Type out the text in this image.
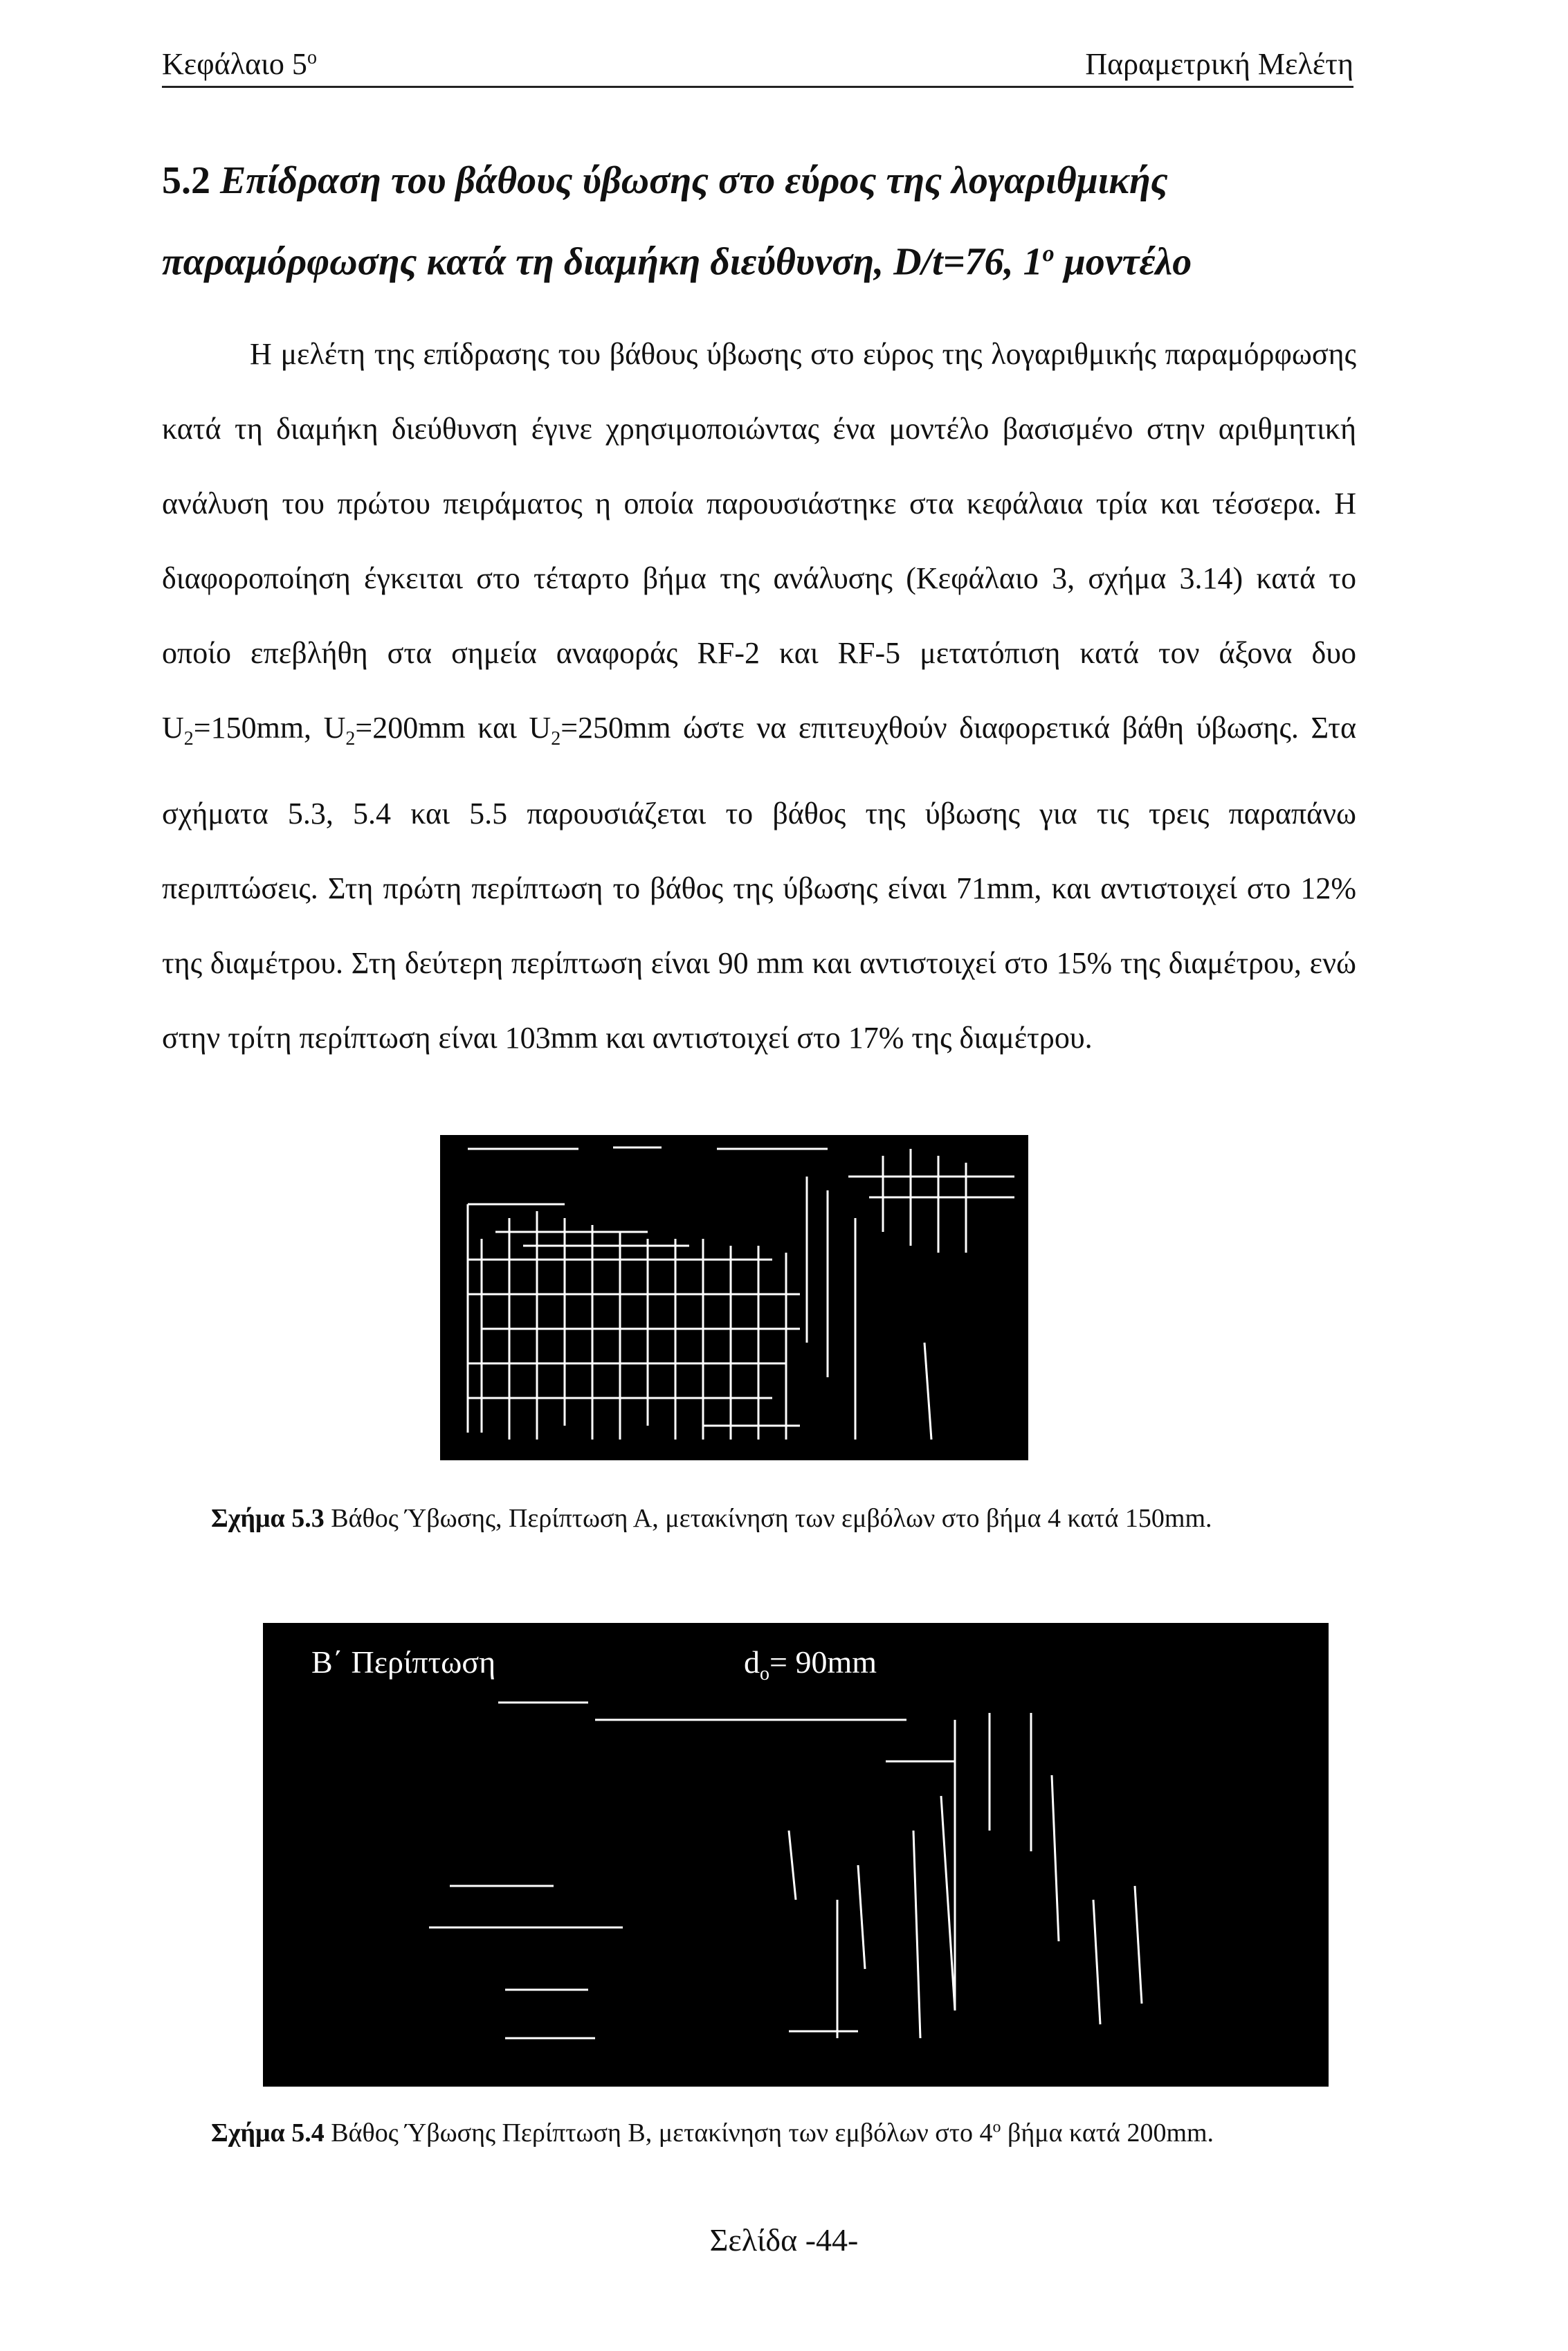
Κεφάλαιο $5^o$	Παραμετρική Μελέτη
5.2 Επίδραση του βάθους ύβωσης στο εύρος της λογαριθμικής
παραμόρφωσης κατά τη διαμήκη διεύθυνση, D/t=76, $1^o$ μοντέλο
Η μελέτη της επίδρασης του βάθους ύβωσης στο εύρος της λογαριθμικής παραμόρφωσης κατά τη διαμήκη διεύθυνση έγινε χρησιμοποιώντας ένα μοντέλο βασισμένο στην αριθμητική ανάλυση του πρώτου πειράματος η οποία παρουσιάστηκε στα κεφάλαια τρία και τέσσερα. Η διαφοροποίηση έγκειται στο τέταρτο βήμα της ανάλυσης (Κεφάλαιο 3, σχήμα 3.14) κατά το οποίο επεβλήθη στα σημεία αναφοράς RF-2 και RF-5 μετατόπιση κατά τον άξονα δυο $U_2=150mm$, $U_2=200mm$ και $U_2=250mm$ ώστε να επιτευχθούν διαφορετικά βάθη ύβωσης. Στα σχήματα 5.3, 5.4 και 5.5 παρουσιάζεται το βάθος της ύβωσης για τις τρεις παραπάνω περιπτώσεις. Στη πρώτη περίπτωση το βάθος της ύβωσης είναι 71mm, και αντιστοιχεί στο 12% της διαμέτρου. Στη δεύτερη περίπτωση είναι 90 mm και αντιστοιχεί στο 15% της διαμέτρου, ενώ στην τρίτη περίπτωση είναι 103mm και αντιστοιχεί στο 17% της διαμέτρου.
Σχήμα 5.3 Βάθος Ύβωσης, Περίπτωση Α, μετακίνηση των εμβόλων στο βήμα 4 κατά 150mm.
Β΄ Περίπτωση	$d_o= 90mm$
Σχήμα 5.4 Βάθος Ύβωσης Περίπτωση Β, μετακίνηση των εμβόλων στο $4^o$ βήμα κατά 200mm.
Σελίδα -44-
